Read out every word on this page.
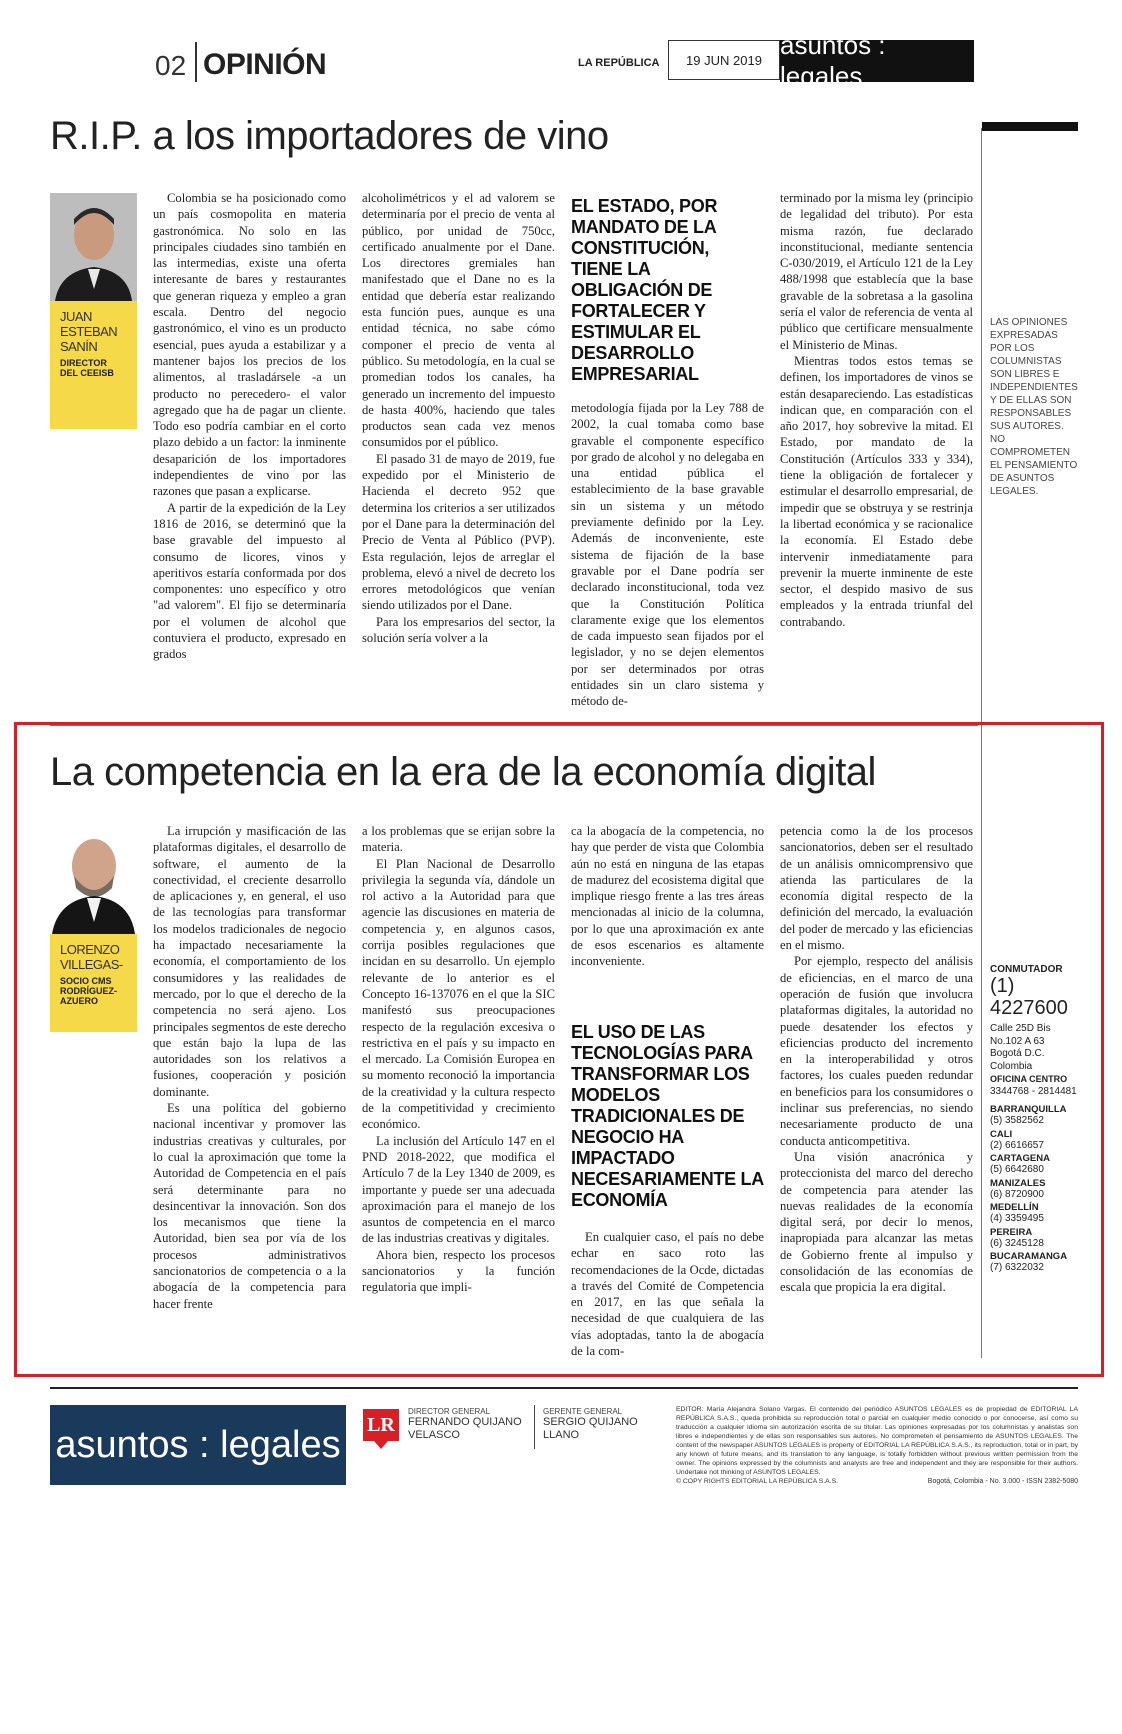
02 OPINIÓN	LA REPÚBLICA	19 JUN 2019 asuntos : legales
R.I.P. a los importadores de vino
JUAN ESTEBAN SANÍN
DIRECTOR DEL CEEISB

Colombia se ha posicionado como un país cosmopolita en materia gastronómica. No solo en las principales ciudades sino también en las intermedias, existe una oferta interesante de bares y restaurantes que generan riqueza y empleo a gran escala. Dentro del negocio gastronómico, el vino es un producto esencial, pues ayuda a estabilizar y a mantener bajos los precios de los alimentos, al trasladársele -a un producto no perecedero- el valor agregado que ha de pagar un cliente. Todo eso podría cambiar en el corto plazo debido a un factor: la inminente desaparición de los importadores independientes de vino por las razones que pasan a explicarse.

A partir de la expedición de la Ley 1816 de 2016, se determinó que la base gravable del impuesto al consumo de licores, vinos y aperitivos estaría conformada por dos componentes: uno específico y otro "ad valorem". El fijo se determinaría por el volumen de alcohol que contuviera el producto, expresado en grados

alcoholimétricos y el ad valorem se determinaría por el precio de venta al público, por unidad de 750cc, certificado anualmente por el Dane. Los directores gremiales han manifestado que el Dane no es la entidad que debería estar realizando esta función pues, aunque es una entidad técnica, no sabe cómo componer el precio de venta al público. Su metodología, en la cual se promedian todos los canales, ha generado un incremento del impuesto de hasta 400%, haciendo que tales productos sean cada vez menos consumidos por el público.

El pasado 31 de mayo de 2019, fue expedido por el Ministerio de Hacienda el decreto 952 que determina los criterios a ser utilizados por el Dane para la determinación del Precio de Venta al Público (PVP). Esta regulación, lejos de arreglar el problema, elevó a nivel de decreto los errores metodológicos que venían siendo utilizados por el Dane.

Para los empresarios del sector, la solución sería volver a la

EL ESTADO, POR MANDATO DE LA CONSTITUCIÓN, TIENE LA OBLIGACIÓN DE FORTALECER Y ESTIMULAR EL DESARROLLO EMPRESARIAL

metodología fijada por la Ley 788 de 2002, la cual tomaba como base gravable el componente específico por grado de alcohol y no delegaba en una entidad pública el establecimiento de la base gravable sin un sistema y un método previamente definido por la Ley. Además de inconveniente, este sistema de fijación de la base gravable por el Dane podría ser declarado inconstitucional, toda vez que la Constitución Política claramente exige que los elementos de cada impuesto sean fijados por el legislador, y no se dejen elementos por ser determinados por otras entidades sin un claro sistema y método de-

terminado por la misma ley (principio de legalidad del tributo). Por esta misma razón, fue declarado inconstitucional, mediante sentencia C-030/2019, el Artículo 121 de la Ley 488/1998 que establecía que la base gravable de la sobretasa a la gasolina sería el valor de referencia de venta al público que certificare mensualmente el Ministerio de Minas.

Mientras todos estos temas se definen, los importadores de vinos se están desapareciendo. Las estadísticas indican que, en comparación con el año 2017, hoy sobrevive la mitad. El Estado, por mandato de la Constitución (Artículos 333 y 334), tiene la obligación de fortalecer y estimular el desarrollo empresarial, de impedir que se obstruya y se restrinja la libertad económica y se racionalice la economía. El Estado debe intervenir inmediatamente para prevenir la muerte inminente de este sector, el despido masivo de sus empleados y la entrada triunfal del contrabando.

LAS OPINIONES EXPRESADAS POR LOS COLUMNISTAS SON LIBRES E INDEPENDIENTES Y DE ELLAS SON RESPONSABLES SUS AUTORES. NO COMPROMETEN EL PENSAMIENTO DE ASUNTOS LEGALES.
La competencia en la era de la economía digital
LORENZO VILLEGAS-
SOCIO CMS RODRÍGUEZ-AZUERO

La irrupción y masificación de las plataformas digitales, el desarrollo de software, el aumento de la conectividad, el creciente desarrollo de aplicaciones y, en general, el uso de las tecnologías para transformar los modelos tradicionales de negocio ha impactado necesariamente la economía, el comportamiento de los consumidores y las realidades de mercado, por lo que el derecho de la competencia no será ajeno. Los principales segmentos de este derecho que están bajo la lupa de las autoridades son los relativos a fusiones, cooperación y posición dominante.

Es una política del gobierno nacional incentivar y promover las industrias creativas y culturales, por lo cual la aproximación que tome la Autoridad de Competencia en el país será determinante para no desincentivar la innovación. Son dos los mecanismos que tiene la Autoridad, bien sea por vía de los procesos administrativos sancionatorios de competencia o a la abogacía de la competencia para hacer frente

a los problemas que se erijan sobre la materia.

El Plan Nacional de Desarrollo privilegia la segunda vía, dándole un rol activo a la Autoridad para que agencie las discusiones en materia de competencia y, en algunos casos, corrija posibles regulaciones que incidan en su desarrollo. Un ejemplo relevante de lo anterior es el Concepto 16-137076 en el que la SIC manifestó sus preocupaciones respecto de la regulación excesiva o restrictiva en el país y su impacto en el mercado. La Comisión Europea en su momento reconoció la importancia de la creatividad y la cultura respecto de la competitividad y crecimiento económico.

La inclusión del Artículo 147 en el PND 2018-2022, que modifica el Artículo 7 de la Ley 1340 de 2009, es importante y puede ser una adecuada aproximación para el manejo de los asuntos de competencia en el marco de las industrias creativas y digitales.

Ahora bien, respecto los procesos sancionatorios y la función regulatoria que impli-

ca la abogacía de la competencia, no hay que perder de vista que Colombia aún no está en ninguna de las etapas de madurez del ecosistema digital que implique riesgo frente a las tres áreas mencionadas al inicio de la columna, por lo que una aproximación ex ante de esos escenarios es altamente inconveniente.

EL USO DE LAS TECNOLOGÍAS PARA TRANSFORMAR LOS MODELOS TRADICIONALES DE NEGOCIO HA IMPACTADO NECESARIAMENTE LA ECONOMÍA

En cualquier caso, el país no debe echar en saco roto las recomendaciones de la Ocde, dictadas a través del Comité de Competencia en 2017, en las que señala la necesidad de que cualquiera de las vías adoptadas, tanto la de abogacía de la com-

petencia como la de los procesos sancionatorios, deben ser el resultado de un análisis omnicomprensivo que atienda las particulares de la economía digital respecto de la definición del mercado, la evaluación del poder de mercado y las eficiencias en el mismo.

Por ejemplo, respecto del análisis de eficiencias, en el marco de una operación de fusión que involucra plataformas digitales, la autoridad no puede desatender los efectos y eficiencias producto del incremento en la interoperabilidad y otros factores, los cuales pueden redundar en beneficios para los consumidores o inclinar sus preferencias, no siendo necesariamente producto de una conducta anticompetitiva.

Una visión anacrónica y proteccionista del marco del derecho de competencia para atender las nuevas realidades de la economía digital será, por decir lo menos, inapropiada para alcanzar las metas de Gobierno frente al impulso y consolidación de las economías de escala que propicia la era digital.

CONMUTADOR
(1) 4227600
Calle 25D Bis
No.102 A 63
Bogotá D.C.
Colombia
OFICINA CENTRO
3344768 - 2814481
BARRANQUILLA
(5) 3582562
CALI
(2) 6616657
CARTAGENA
(5) 6642680
MANIZALES
(6) 8720900
MEDELLÍN
(4) 3359495
PEREIRA
(6) 3245128
BUCARAMANGA
(7) 6322032
asuntos : legales LR
DIRECTOR GENERAL
FERNANDO QUIJANO VELASCO
GERENTE GENERAL
SERGIO QUIJANO LLANO
EDITOR: María Alejandra Solano Vargas. El contenido del periódico ASUNTOS LEGALES es de propiedad de EDITORIAL LA REPÚBLICA S.A.S., queda prohibida su reproducción total o parcial en cualquier medio conocido o por conocerse, así como su traducción a cualquier idioma sin autorización escrita de su titular. Las opiniones expresadas por los columnistas y analistas son libres e independientes y de ellas son responsables sus autores. No comprometen el pensamiento de ASUNTOS LEGALES. The content of the newspaper ASUNTOS LEGALES is property of EDITORIAL LA REPÚBLICA S.A.S., its reproduction, total or in part, by any known of future means, and its translation to any language, is totally forbidden without previous written permission from the owner. The opinions expressed by the columnists and analysts are free and independent and they are responsible for their authors. Undertake not thinking of ASUNTOS LEGALES.
© COPY RIGHTS EDITORIAL LA REPÚBLICA S.A.S.	Bogotá, Colombia - No. 3.000 - ISSN 2382-5080
